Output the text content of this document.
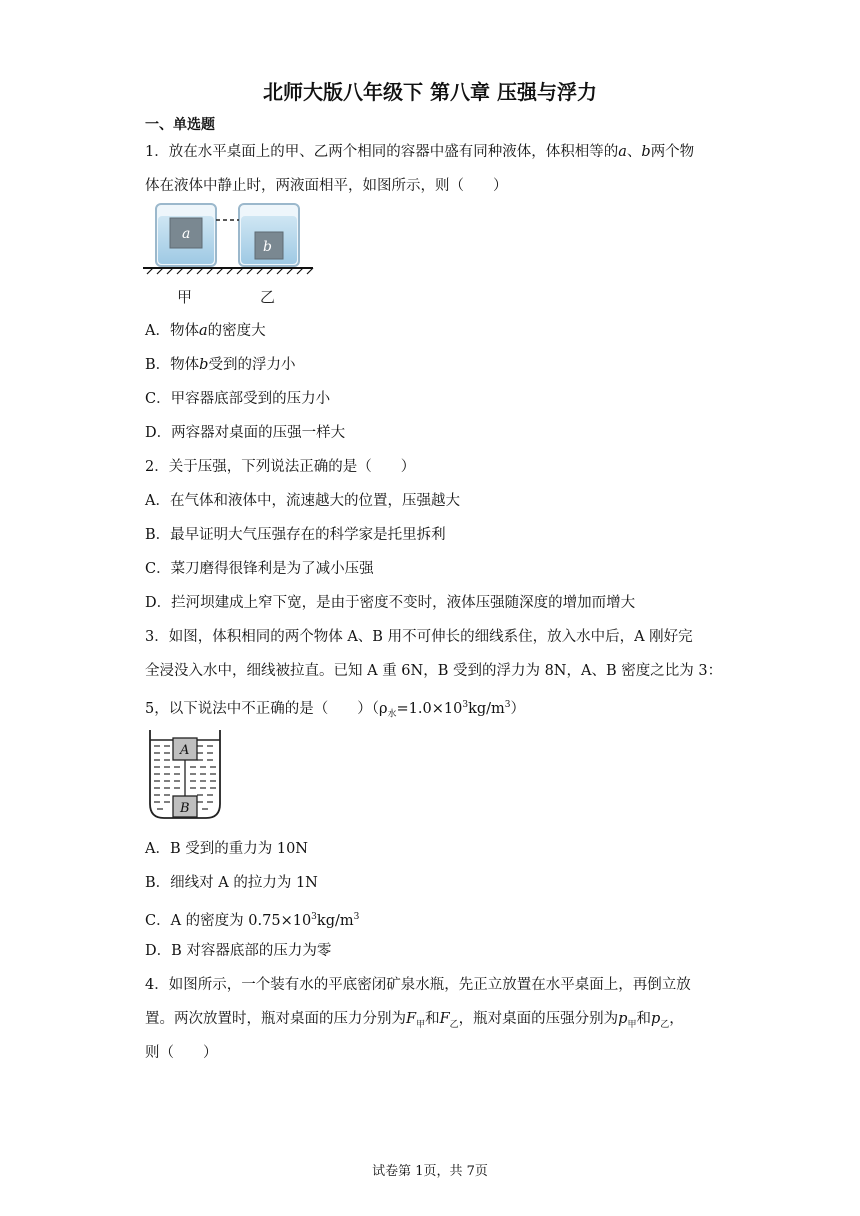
北师大版八年级下 第八章 压强与浮力
一、单选题
1．放在水平桌面上的甲、乙两个相同的容器中盛有同种液体，体积相等的a、b两个物
体在液体中静止时，两液面相平，如图所示，则（　　）
a
b
甲	乙
A．物体a的密度大
B．物体b受到的浮力小
C．甲容器底部受到的压力小
D．两容器对桌面的压强一样大
2．关于压强，下列说法正确的是（　　）
A．在气体和液体中，流速越大的位置，压强越大
B．最早证明大气压强存在的科学家是托里拆利
C．菜刀磨得很锋利是为了减小压强
D．拦河坝建成上窄下宽，是由于密度不变时，液体压强随深度的增加而增大
3．如图，体积相同的两个物体 A、B 用不可伸长的细线系住，放入水中后，A 刚好完
全浸没入水中，细线被拉直。已知 A 重 6N，B 受到的浮力为 8N，A、B 密度之比为 3：
5，以下说法中不正确的是（　　）$(\rho_水=1.0\times 10^3kg/m^3)$
A
B
A．B 受到的重力为 10N
B．细线对 A 的拉力为 1N
C．A 的密度为 $0.75\times 10^3kg/m^3$
D．B 对容器底部的压力为零
4．如图所示，一个装有水的平底密闭矿泉水瓶，先正立放置在水平桌面上，再倒立放
置。两次放置时，瓶对桌面的压力分别为$F_甲$和$F_乙$，瓶对桌面的压强分别为$p_甲$和$p_乙$，
则（　　）
试卷第 1页，共 7页
